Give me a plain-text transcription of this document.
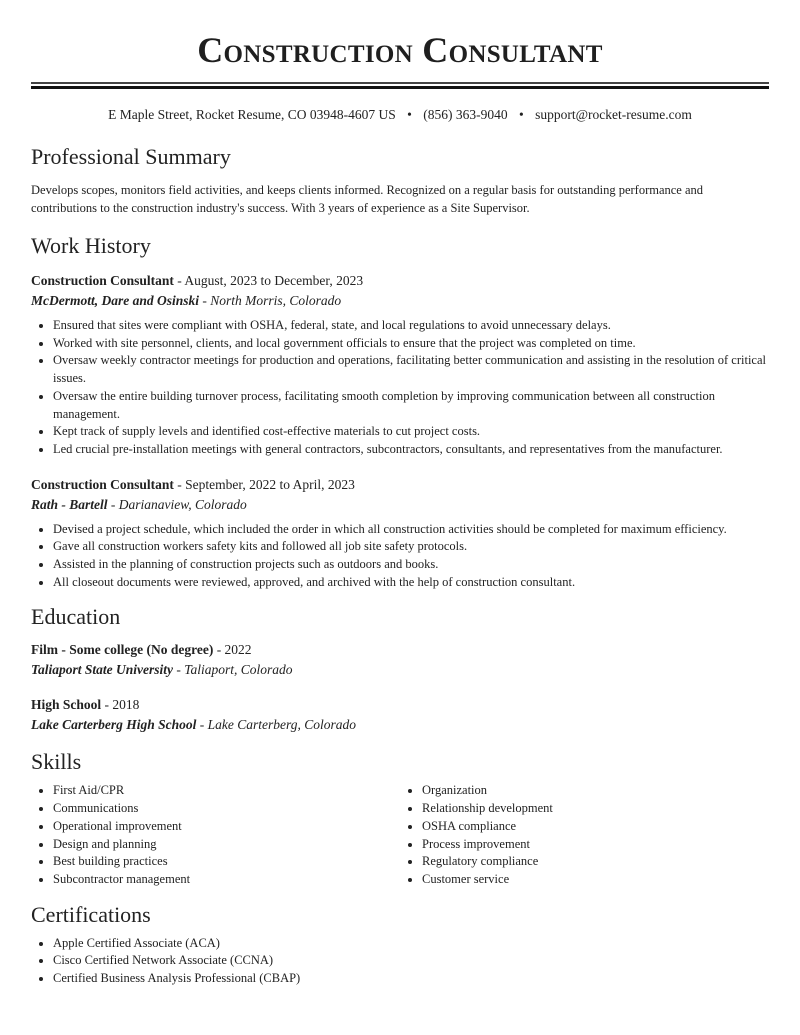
Construction Consultant
E Maple Street, Rocket Resume, CO 03948-4607 US • (856) 363-9040 • support@rocket-resume.com
Professional Summary

Develops scopes, monitors field activities, and keeps clients informed. Recognized on a regular basis for outstanding performance and contributions to the construction industry's success. With 3 years of experience as a Site Supervisor.

Work History
Construction Consultant - August, 2023 to December, 2023
McDermott, Dare and Osinski - North Morris, Colorado
• Ensured that sites were compliant with OSHA, federal, state, and local regulations to avoid unnecessary delays.
• Worked with site personnel, clients, and local government officials to ensure that the project was completed on time.
• Oversaw weekly contractor meetings for production and operations, facilitating better communication and assisting in the resolution of critical issues.
• Oversaw the entire building turnover process, facilitating smooth completion by improving communication between all construction management.
• Kept track of supply levels and identified cost-effective materials to cut project costs.
• Led crucial pre-installation meetings with general contractors, subcontractors, consultants, and representatives from the manufacturer.
Construction Consultant - September, 2022 to April, 2023
Rath - Bartell - Darianaview, Colorado
• Devised a project schedule, which included the order in which all construction activities should be completed for maximum efficiency.
• Gave all construction workers safety kits and followed all job site safety protocols.
• Assisted in the planning of construction projects such as outdoors and books.
• All closeout documents were reviewed, approved, and archived with the help of construction consultant.
Education
Film - Some college (No degree) - 2022
Taliaport State University - Taliaport, Colorado
High School - 2018
Lake Carterberg High School - Lake Carterberg, Colorado
Skills
• First Aid/CPR
• Communications
• Operational improvement
• Design and planning
• Best building practices
• Subcontractor management
• Organization
• Relationship development
• OSHA compliance
• Process improvement
• Regulatory compliance
• Customer service
Certifications
• Apple Certified Associate (ACA)
• Cisco Certified Network Associate (CCNA)
• Certified Business Analysis Professional (CBAP)
